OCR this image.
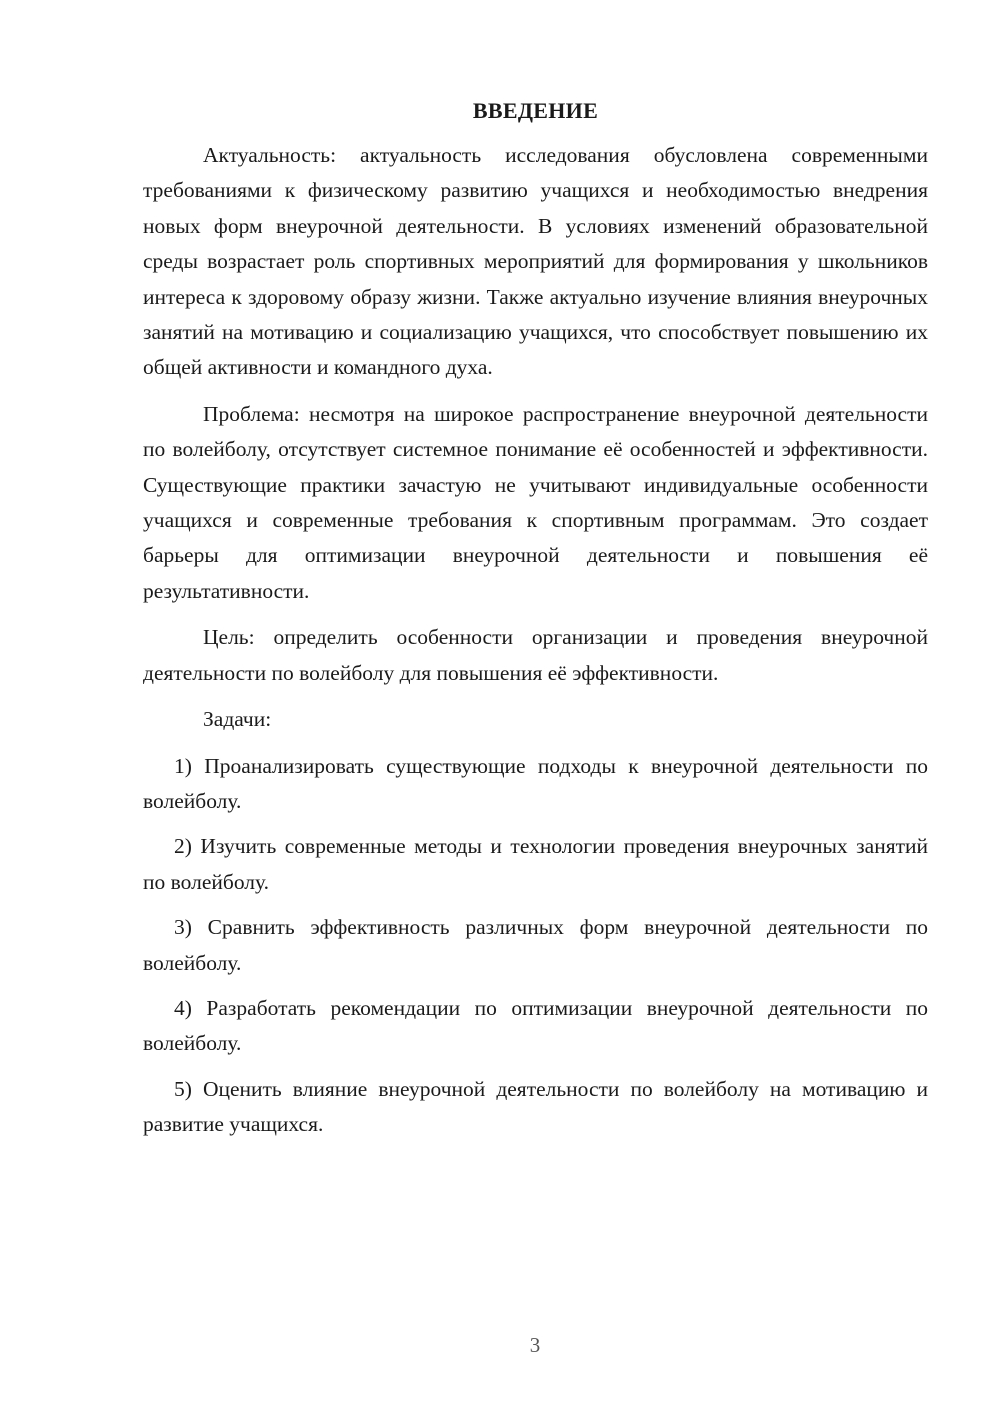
ВВЕДЕНИЕ

Актуальность: актуальность исследования обусловлена современными требованиями к физическому развитию учащихся и необходимостью внедрения новых форм внеурочной деятельности. В условиях изменений образовательной среды возрастает роль спортивных мероприятий для формирования у школьников интереса к здоровому образу жизни. Также актуально изучение влияния внеурочных занятий на мотивацию и социализацию учащихся, что способствует повышению их общей активности и командного духа.

Проблема: несмотря на широкое распространение внеурочной деятельности по волейболу, отсутствует системное понимание её особенностей и эффективности. Существующие практики зачастую не учитывают индивидуальные особенности учащихся и современные требования к спортивным программам. Это создает барьеры для оптимизации внеурочной деятельности и повышения её результативности.

Цель: определить особенности организации и проведения внеурочной деятельности по волейболу для повышения её эффективности.

Задачи:

1) Проанализировать существующие подходы к внеурочной деятельности по волейболу.

2) Изучить современные методы и технологии проведения внеурочных занятий по волейболу.

3) Сравнить эффективность различных форм внеурочной деятельности по волейболу.

4) Разработать рекомендации по оптимизации внеурочной деятельности по волейболу.

5) Оценить влияние внеурочной деятельности по волейболу на мотивацию и развитие учащихся.

3
